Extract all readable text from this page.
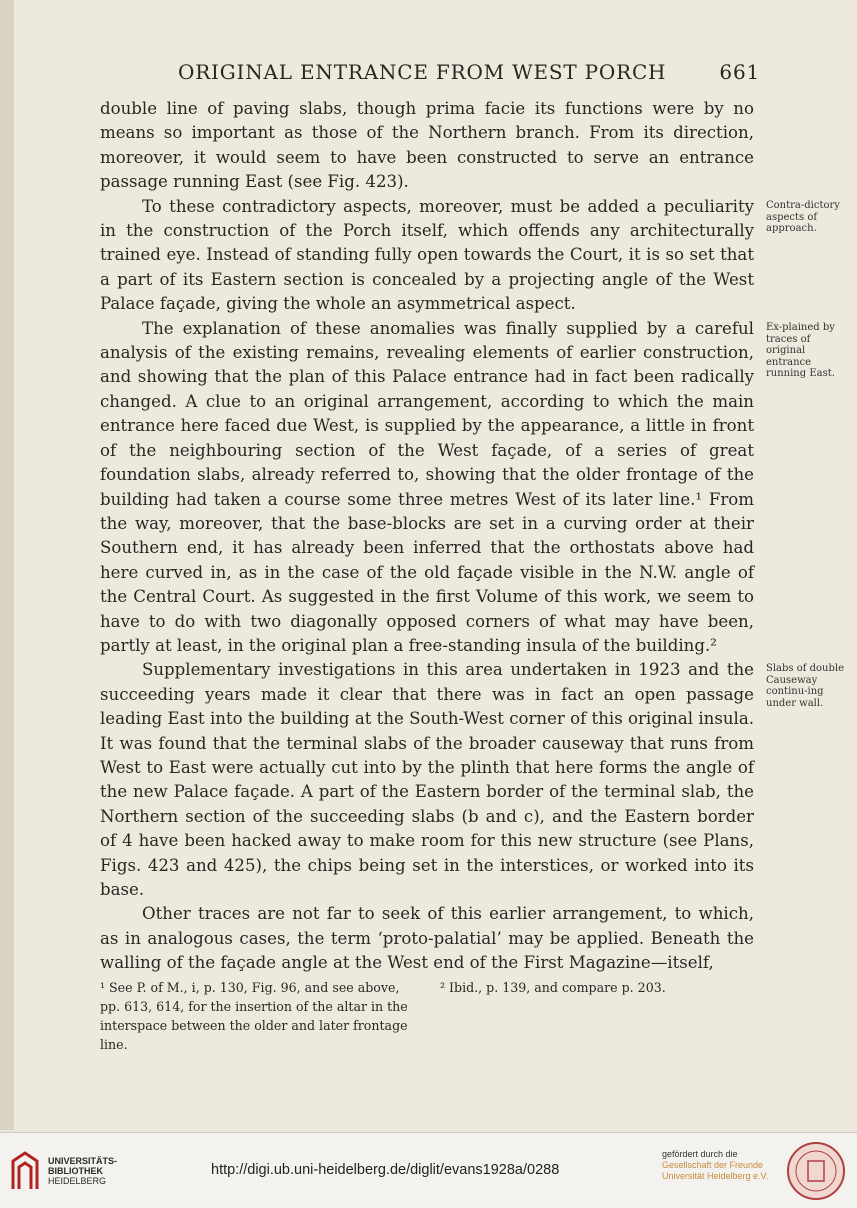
ORIGINAL ENTRANCE FROM WEST PORCH	661

double line of paving slabs, though prima facie its functions were by no means so important as those of the Northern branch. From its direction, moreover, it would seem to have been constructed to serve an entrance passage running East (see Fig. 423).

To these contradictory aspects, moreover, must be added a peculiarity in the construction of the Porch itself, which offends any architecturally trained eye. Instead of standing fully open towards the Court, it is so set that a part of its Eastern section is concealed by a projecting angle of the West Palace façade, giving the whole an asymmetrical aspect.

The explanation of these anomalies was finally supplied by a careful analysis of the existing remains, revealing elements of earlier construction, and showing that the plan of this Palace entrance had in fact been radically changed. A clue to an original arrangement, according to which the main entrance here faced due West, is supplied by the appearance, a little in front of the neighbouring section of the West façade, of a series of great foundation slabs, already referred to, showing that the older frontage of the building had taken a course some three metres West of its later line.¹ From the way, moreover, that the base-blocks are set in a curving order at their Southern end, it has already been inferred that the orthostats above had here curved in, as in the case of the old façade visible in the N.W. angle of the Central Court. As suggested in the first Volume of this work, we seem to have to do with two diagonally opposed corners of what may have been, partly at least, in the original plan a free-standing insula of the building.²

Supplementary investigations in this area undertaken in 1923 and the succeeding years made it clear that there was in fact an open passage leading East into the building at the South-West corner of this original insula. It was found that the terminal slabs of the broader causeway that runs from West to East were actually cut into by the plinth that here forms the angle of the new Palace façade. A part of the Eastern border of the terminal slab, the Northern section of the succeeding slabs (b and c), and the Eastern border of 4 have been hacked away to make room for this new structure (see Plans, Figs. 423 and 425), the chips being set in the interstices, or worked into its base.

Other traces are not far to seek of this earlier arrangement, to which, as in analogous cases, the term ‘proto-palatial’ may be applied. Beneath the walling of the façade angle at the West end of the First Magazine—itself,

Contra-dictory aspects of approach.
Ex-plained by traces of original entrance running East.
Slabs of double Causeway continu-ing under wall.
¹ See P. of M., i, p. 130, Fig. 96, and see above, pp. 613, 614, for the insertion of the altar in the interspace between the older and later frontage line.
² Ibid., p. 139, and compare p. 203.
UNIVERSITÄTS-
BIBLIOTHEK
HEIDELBERG
http://digi.ub.uni-heidelberg.de/diglit/evans1928a/0288
gefördert durch die
Gesellschaft der Freunde
Universität Heidelberg e.V.
